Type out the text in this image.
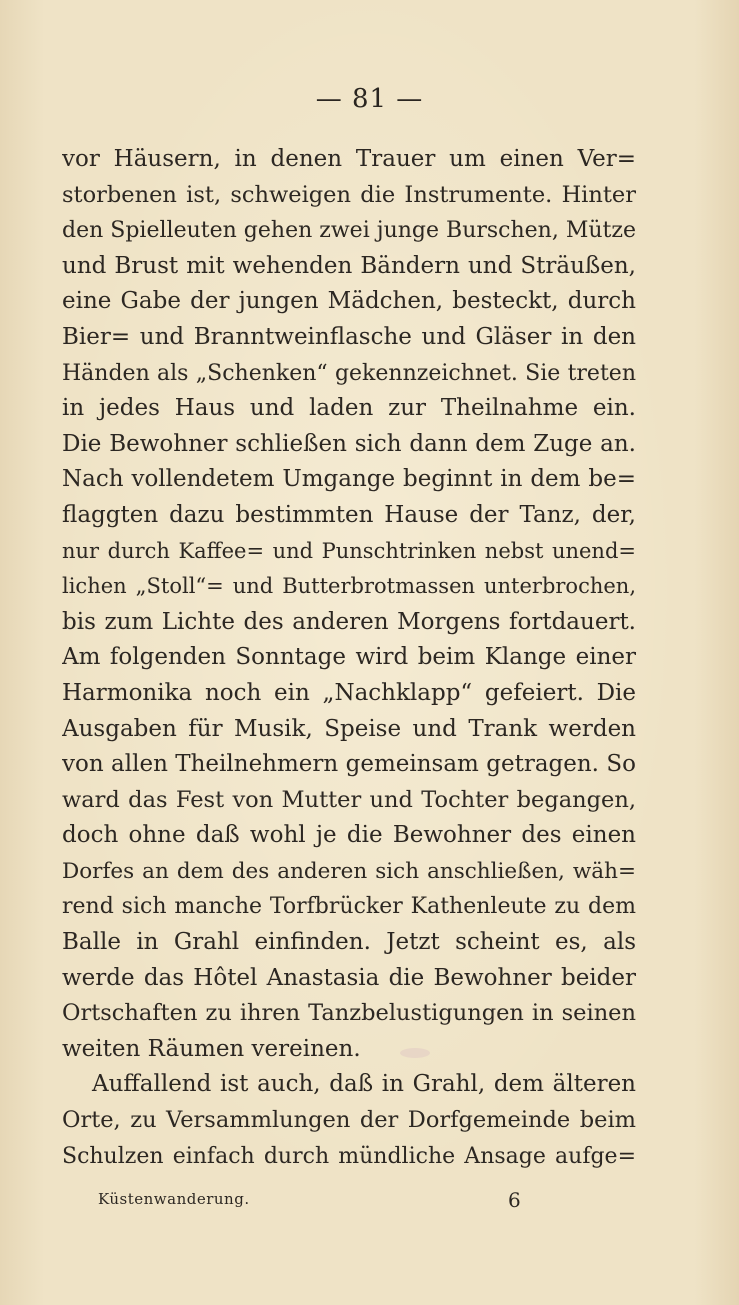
— 81 —
vor Häusern, in denen Trauer um einen Ver=
storbenen ist, schweigen die Instrumente. Hinter
den Spielleuten gehen zwei junge Burschen, Mütze
und Brust mit wehenden Bändern und Sträußen,
eine Gabe der jungen Mädchen, besteckt, durch
Bier= und Branntweinflasche und Gläser in den
Händen als „Schenken“ gekennzeichnet. Sie treten
in jedes Haus und laden zur Theilnahme ein.
Die Bewohner schließen sich dann dem Zuge an.
Nach vollendetem Umgange beginnt in dem be=
flaggten dazu bestimmten Hause der Tanz, der,
nur durch Kaffee= und Punschtrinken nebst unend=
lichen „Stoll“= und Butterbrotmassen unterbrochen,
bis zum Lichte des anderen Morgens fortdauert.
Am folgenden Sonntage wird beim Klange einer
Harmonika noch ein „Nachklapp“ gefeiert. Die
Ausgaben für Musik, Speise und Trank werden
von allen Theilnehmern gemeinsam getragen. So
ward das Fest von Mutter und Tochter begangen,
doch ohne daß wohl je die Bewohner des einen
Dorfes an dem des anderen sich anschließen, wäh=
rend sich manche Torfbrücker Kathenleute zu dem
Balle in Grahl einfinden. Jetzt scheint es, als
werde das Hôtel Anastasia die Bewohner beider
Ortschaften zu ihren Tanzbelustigungen in seinen
weiten Räumen vereinen.
Auffallend ist auch, daß in Grahl, dem älteren
Orte, zu Versammlungen der Dorfgemeinde beim
Schulzen einfach durch mündliche Ansage aufge=
Küstenwanderung.	6
